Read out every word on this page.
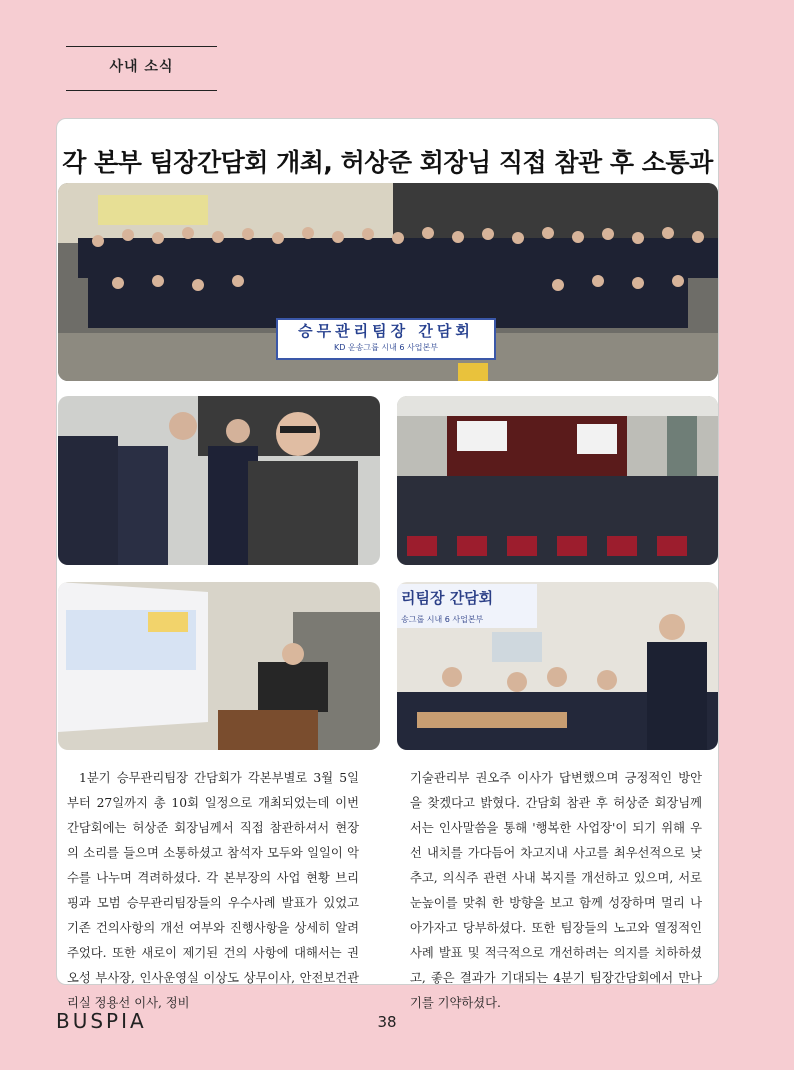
사내 소식
각 본부 팀장간담회 개최, 허상준 회장님 직접 참관 후 소통과
승무관리팀장 간담회
KD 운송그룹 시내 6 사업본부
리팀장 간담회
송그룹 시내 6 사업본부

1분기 승무관리팀장 간담회가 각본부별로 3월 5일부터 27일까지 총 10회 일정으로 개최되었는데 이번 간담회에는 허상준 회장님께서 직접 참관하셔서 현장의 소리를 들으며 소통하셨고 참석자 모두와 일일이 악수를 나누며 격려하셨다. 각 본부장의 사업 현황 브리핑과 모범 승무관리팀장들의 우수사례 발표가 있었고 기존 건의사항의 개선 여부와 진행사항을 상세히 알려주었다. 또한 새로이 제기된 건의 사항에 대해서는 권오성 부사장, 인사운영실 이상도 상무이사, 안전보건관리실 정용선 이사, 정비

기술관리부 권오주 이사가 답변했으며 긍정적인 방안을 찾겠다고 밝혔다. 간담회 참관 후 허상준 회장님께서는 인사말씀을 통해 '행복한 사업장'이 되기 위해 우선 내치를 가다듬어 차고지내 사고를 최우선적으로 낮추고, 의식주 관련 사내 복지를 개선하고 있으며, 서로 눈높이를 맞춰 한 방향을 보고 함께 성장하며 멀리 나아가자고 당부하셨다. 또한 팀장들의 노고와 열정적인 사례 발표 및 적극적으로 개선하려는 의지를 치하하셨고, 좋은 결과가 기대되는 4분기 팀장간담회에서 만나기를 기약하셨다.

BUSPIA	38
